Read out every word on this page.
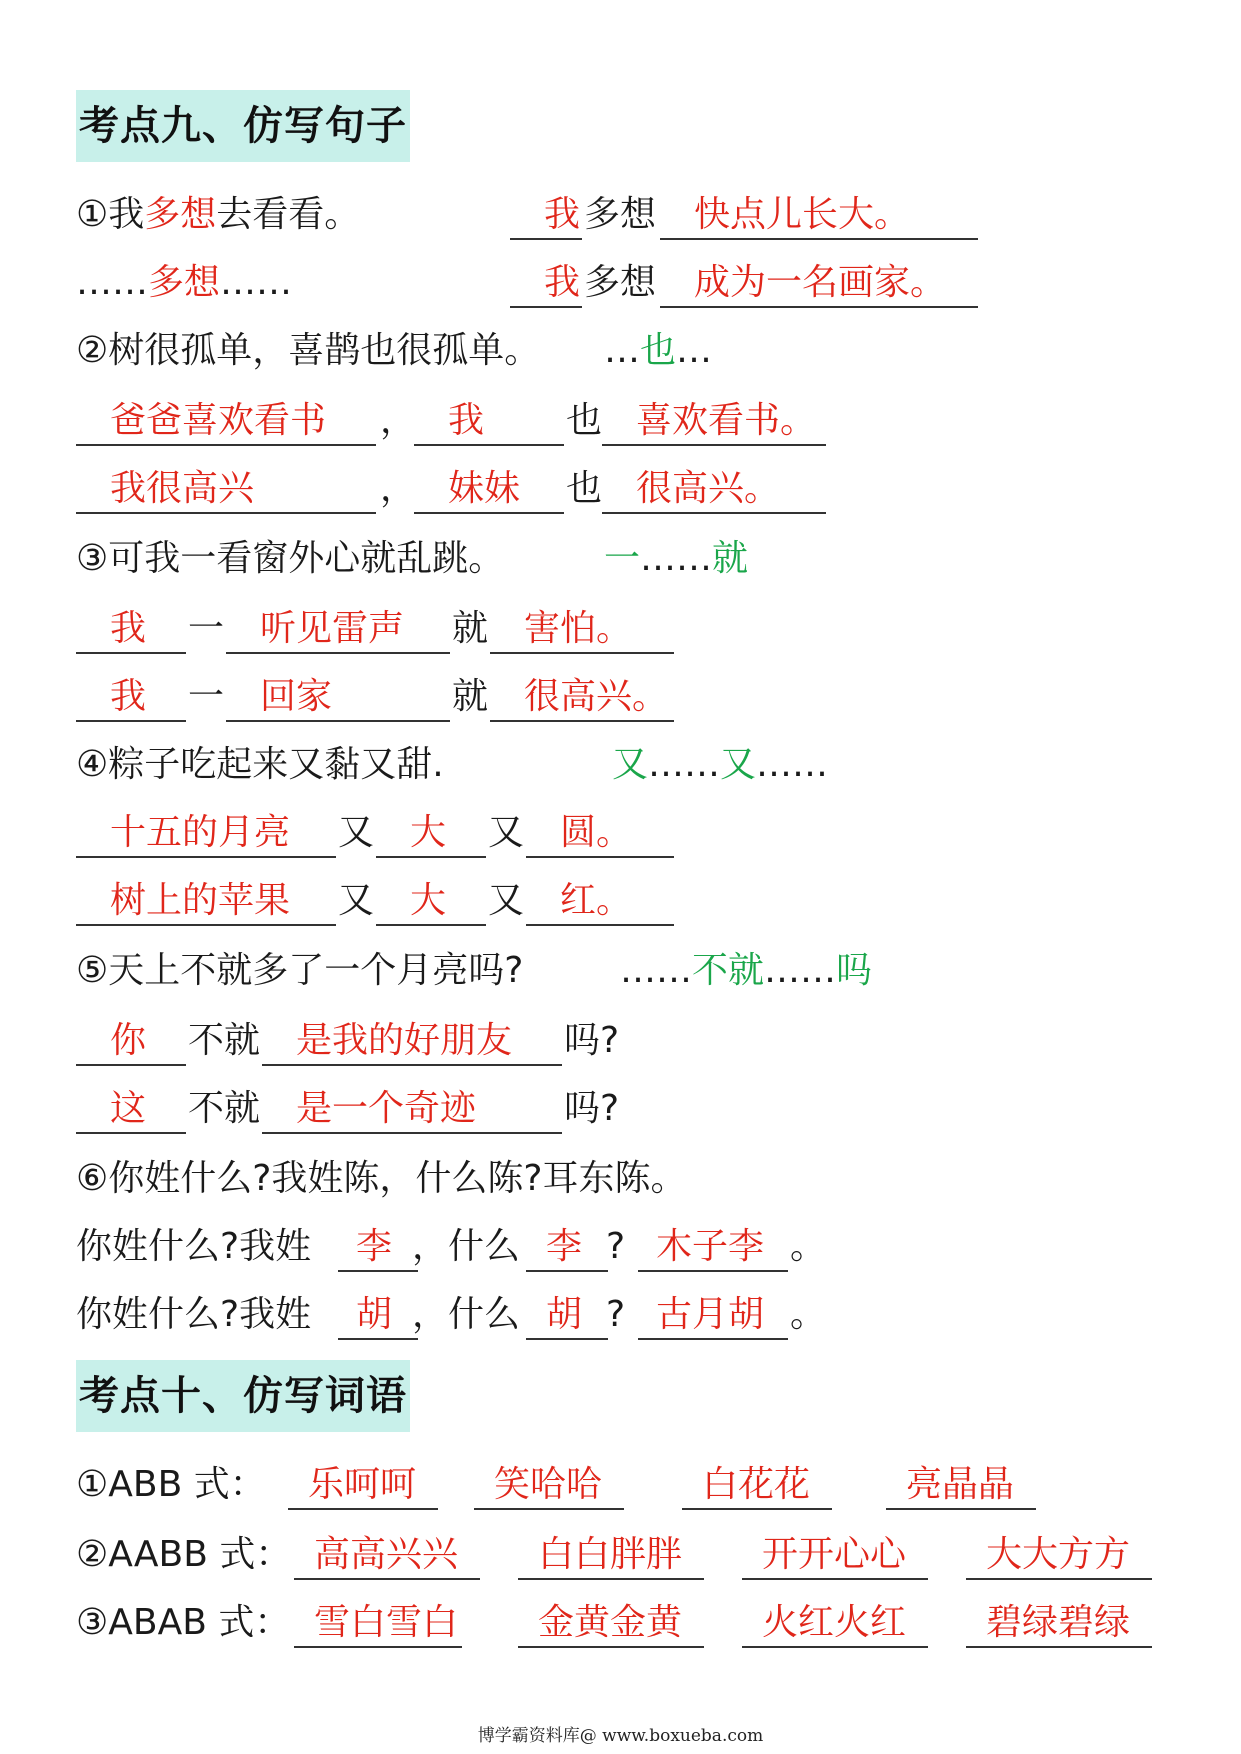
考点九、仿写句子
①我多想去看看。	我 多想	快点儿长大。
……多想……	我 多想	成为一名画家。
②树很孤单，喜鹊也很孤单。 …也…
爸爸喜欢看书	， 我	也 喜欢看书。
我很高兴	， 妹妹	也 很高兴。
③可我一看窗外心就乱跳。	一……就
我	一 听见雷声	就 害怕。
我	一 回家	就 很高兴。
④粽子吃起来又黏又甜.	又……又……
十五的月亮	又 大	又 圆。
树上的苹果	又 大	又 红。
⑤天上不就多了一个月亮吗?	……不就……吗
你	不就 是我的好朋友	吗?
这	不就 是一个奇迹	吗?
⑥你姓什么?我姓陈，什么陈?耳东陈。
你姓什么?我姓	李 ，什么 李 ? 木子李 。
你姓什么?我姓	胡 ，什么 胡 ? 古月胡 。
考点十、仿写词语
①ABB 式：	乐呵呵	笑哈哈	白花花	亮晶晶
②AABB 式： 高高兴兴	白白胖胖	开开心心	大大方方
③ABAB 式： 雪白雪白	金黄金黄	火红火红	碧绿碧绿
博学霸资料库@ www.boxueba.com
